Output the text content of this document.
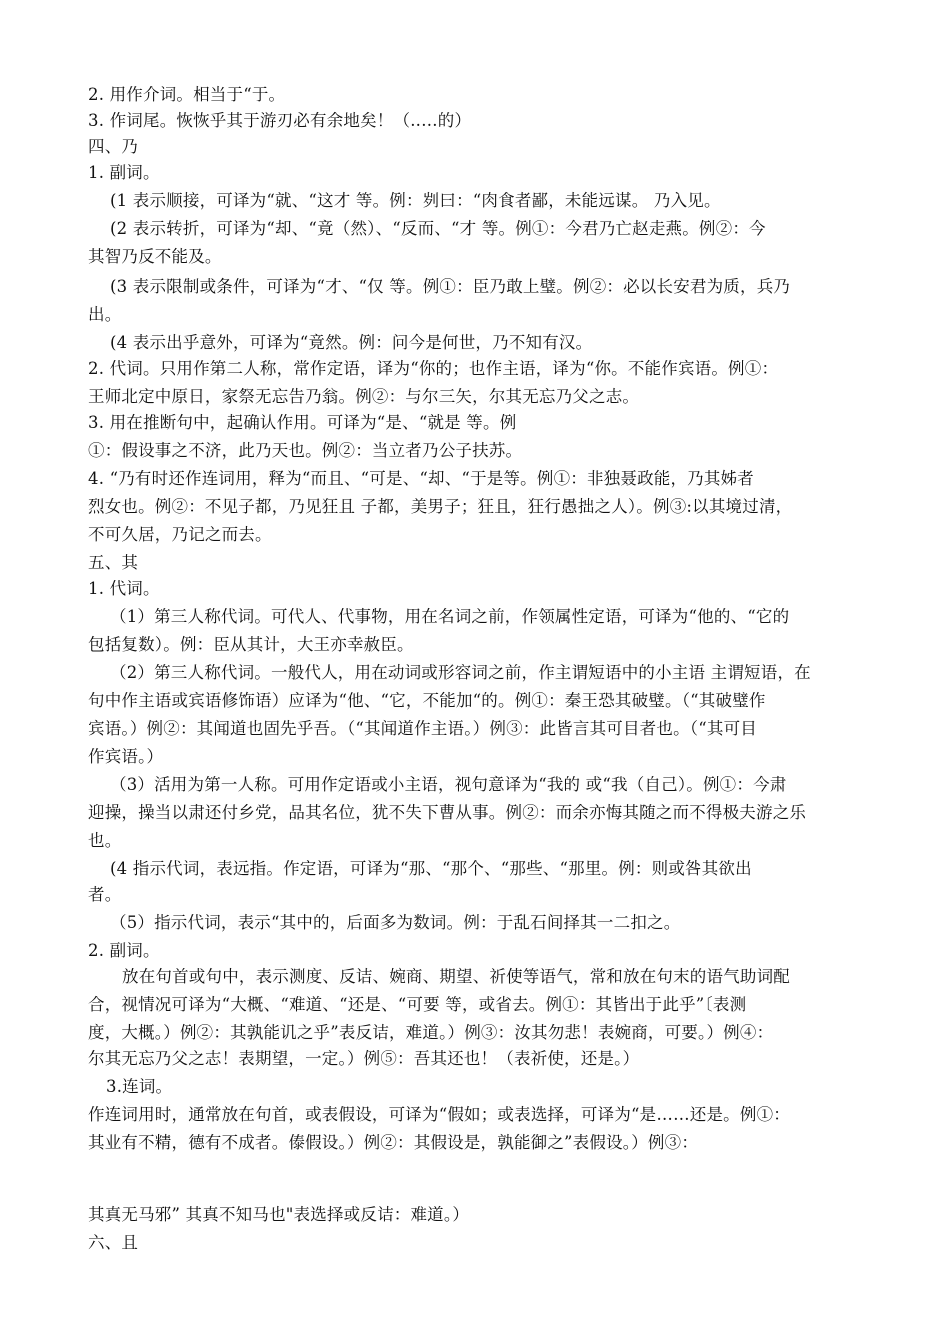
2. 用作介词。相当于“于。
3. 作词尾。恢恢乎其于游刃必有余地矣！（..…的）
四、乃
1. 副词。
(1 表示顺接，可译为“就、“这才 等。例：刿曰：“肉食者鄙，未能远谋。 乃入见。
(2 表示转折，可译为“却、“竟（然）、“反而、“才 等。例①：今君乃亡赵走燕。例②：今
其智乃反不能及。
(3 表示限制或条件，可译为“才、“仅 等。例①：臣乃敢上璧。例②：必以长安君为质，兵乃
出。
(4 表示出乎意外，可译为“竟然。例：问今是何世，乃不知有汉。
2. 代词。只用作第二人称，常作定语，译为“你的；也作主语，译为“你。不能作宾语。例①：
王师北定中原日，家祭无忘告乃翁。例②：与尔三矢，尔其无忘乃父之志。
3. 用在推断句中，起确认作用。可译为“是、“就是 等。例
①：假设事之不济，此乃天也。例②：当立者乃公子扶苏。
4. “乃有时还作连词用，释为“而且、“可是、“却、“于是等。例①：非独聂政能，乃其姊者
烈女也。例②：不见子都，乃见狂且 子都，美男子；狂且，狂行愚拙之人）。例③:以其境过清，
不可久居，乃记之而去。
五、其
1. 代词。
（1）第三人称代词。可代人、代事物，用在名词之前，作领属性定语，可译为“他的、“它的
包括复数）。例：臣从其计，大王亦幸赦臣。
（2）第三人称代词。一般代人，用在动词或形容词之前，作主谓短语中的小主语 主谓短语，在
句中作主语或宾语修饰语）应译为“他、“它，不能加“的。例①：秦王恐其破璧。（“其破璧作
宾语。）例②：其闻道也固先乎吾。（“其闻道作主语。）例③：此皆言其可目者也。（“其可目
作宾语。）
（3）活用为第一人称。可用作定语或小主语，视句意译为“我的 或“我（自己）。例①：今肃
迎操，操当以肃还付乡党，品其名位，犹不失下曹从事。例②：而余亦悔其随之而不得极夫游之乐
也。
(4 指示代词，表远指。作定语，可译为“那、“那个、“那些、“那里。例：则或咎其欲出
者。
（5）指示代词，表示“其中的，后面多为数词。例：于乱石间择其一二扣之。
2. 副词。
放在句首或句中，表示测度、反诘、婉商、期望、祈使等语气，常和放在句末的语气助词配
合，视情况可译为“大概、“难道、“还是、“可要 等，或省去。例①：其皆出于此乎”〔表测
度，大概。）例②：其孰能讥之乎”表反诘，难道。）例③：汝其勿悲！表婉商，可要。）例④：
尔其无忘乃父之志！表期望，一定。）例⑤：吾其还也！（表祈使，还是。）
3.连词。
作连词用时，通常放在句首，或表假设，可译为“假如；或表选择，可译为“是……还是。例①：
其业有不精，德有不成者。傣假设。）例②：其假设是，孰能御之”表假设。）例③：
其真无马邪” 其真不知马也"表选择或反诘：难道。）
六、且
